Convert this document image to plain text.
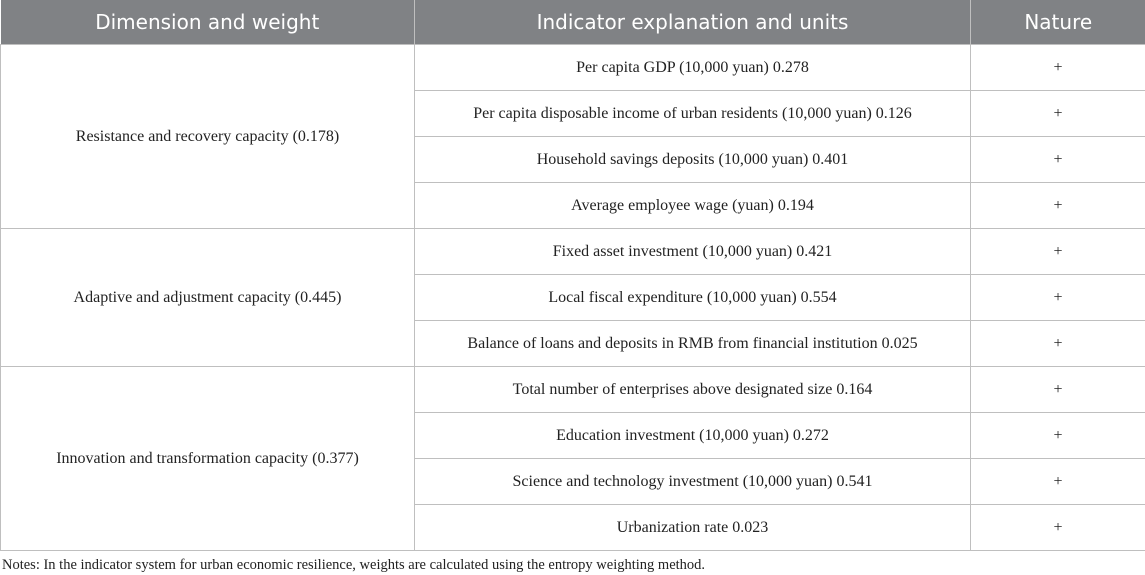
Dimension and weight	Indicator explanation and units	Nature
Resistance and recovery capacity (0.178)	Per capita GDP (10,000 yuan) 0.278	+
	Per capita disposable income of urban residents (10,000 yuan) 0.126	+
	Household savings deposits (10,000 yuan) 0.401	+
	Average employee wage (yuan) 0.194	+
Adaptive and adjustment capacity (0.445)	Fixed asset investment (10,000 yuan) 0.421	+
	Local fiscal expenditure (10,000 yuan) 0.554	+
	Balance of loans and deposits in RMB from financial institution 0.025	+
Innovation and transformation capacity (0.377)	Total number of enterprises above designated size 0.164	+
	Education investment (10,000 yuan) 0.272	+
	Science and technology investment (10,000 yuan) 0.541	+
	Urbanization rate 0.023	+
Notes: In the indicator system for urban economic resilience, weights are calculated using the entropy weighting method.
